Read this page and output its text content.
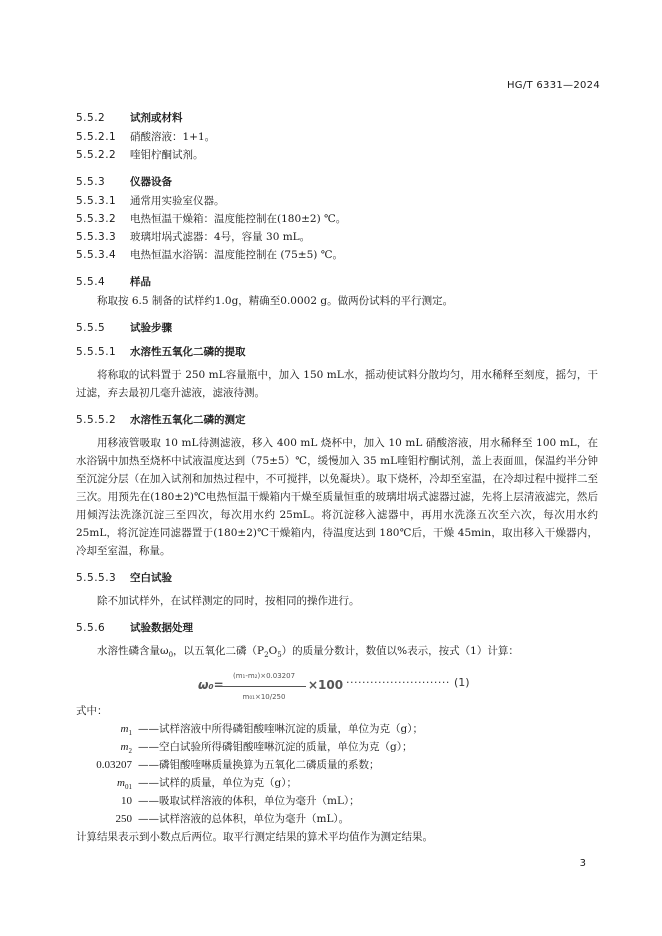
HG/T 6331—2024

5.5.2 试剂或材料

5.5.2.1 硝酸溶液：1+1。

5.5.2.2 喹钼柠酮试剂。

5.5.3 仪器设备

5.5.3.1 通常用实验室仪器。

5.5.3.2 电热恒温干燥箱：温度能控制在(180±2) ℃。

5.5.3.3 玻璃坩埚式滤器：4号，容量 30 mL。

5.5.3.4 电热恒温水浴锅：温度能控制在 (75±5) ℃。

5.5.4 样品

称取按 6.5 制备的试样约1.0g，精确至0.0002 g。做两份试料的平行测定。

5.5.5 试验步骤

5.5.5.1 水溶性五氧化二磷的提取

将称取的试料置于 250 mL容量瓶中，加入 150 mL水，摇动使试料分散均匀，用水稀释至刻度，摇匀，干过滤，弃去最初几毫升滤液，滤液待测。

5.5.5.2 水溶性五氧化二磷的测定

用移液管吸取 10 mL待测滤液，移入 400 mL 烧杯中，加入 10 mL 硝酸溶液，用水稀释至 100 mL，在水浴锅中加热至烧杯中试液温度达到（75±5）℃，缓慢加入 35 mL喹钼柠酮试剂，盖上表面皿，保温约半分钟至沉淀分层（在加入试剂和加热过程中，不可搅拌，以免凝块）。取下烧杯，冷却至室温，在冷却过程中搅拌二至三次。用预先在(180±2)℃电热恒温干燥箱内干燥至质量恒重的玻璃坩埚式滤器过滤，先将上层清液滤完，然后用倾泻法洗涤沉淀三至四次，每次用水约 25mL。将沉淀移入滤器中，再用水洗涤五次至六次，每次用水约 25mL，将沉淀连同滤器置于(180±2)℃干燥箱内，待温度达到 180℃后，干燥 45min，取出移入干燥器内，冷却至室温，称量。

5.5.5.3 空白试验

除不加试样外，在试样测定的同时，按相同的操作进行。

5.5.6 试验数据处理

水溶性磷含量$\omega_0$，以五氧化二磷$(P_2O_5)$的质量分数计，数值以%表示，按式（1）计算：

ω₀=
$\frac{\text{(m₁-m₂)×0.03207}}{\text{m₀₁×10/250}} \times 100$ ·························· (1)

式中：

$m_1$ ——试样溶液中所得磷钼酸喹啉沉淀的质量，单位为克（g）；
$m_2$ ——空白试验所得磷钼酸喹啉沉淀的质量，单位为克（g）；
0.03207 ——磷钼酸喹啉质量换算为五氧化二磷质量的系数；
$m_{01}$ ——试样的质量，单位为克（g）；
10 ——吸取试样溶液的体积，单位为毫升（mL）；
250 ——试样溶液的总体积，单位为毫升（mL）。

计算结果表示到小数点后两位。取平行测定结果的算术平均值作为测定结果。

3
